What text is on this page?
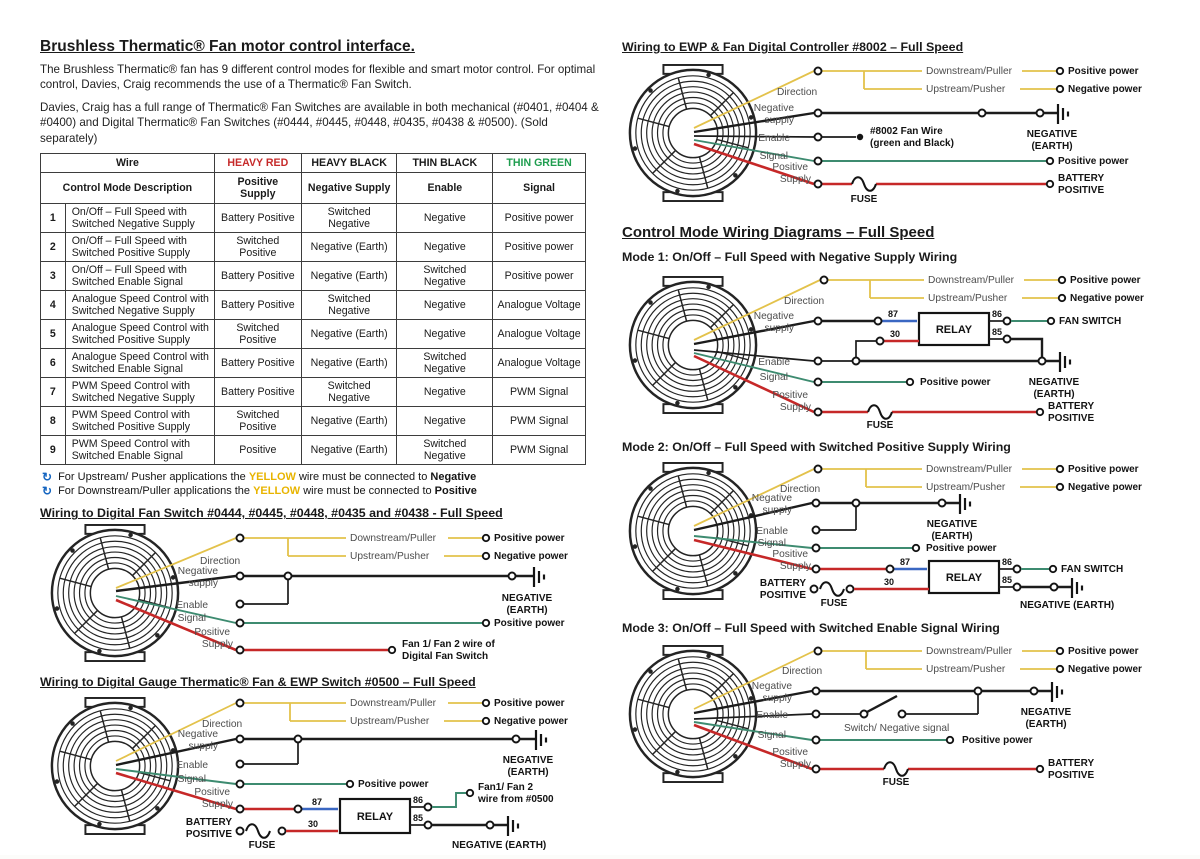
Brushless Thermatic® Fan motor control interface.

The Brushless Thermatic® fan has 9 different control modes for flexible and smart motor control. For optimal control, Davies, Craig recommends the use of a Thermatic® Fan Switch.

Davies, Craig has a full range of Thermatic® Fan Switches are available in both mechanical (#0401, #0404 & #0400) and Digital Thermatic® Fan Switches (#0444, #0445, #0448, #0435, #0438 & #0500). (Sold separately)

Wire		HEAVY RED	HEAVY BLACK	THIN BLACK	THIN GREEN
Control Mode Description		Positive Supply	Negative Supply	Enable	Signal
1	On/Off – Full Speed with Switched Negative Supply	Battery Positive	Switched Negative	Negative	Positive power
2	On/Off – Full Speed with Switched Positive Supply	Switched Positive	Negative (Earth)	Negative	Positive power
3	On/Off – Full Speed with Switched Enable Signal	Battery Positive	Negative (Earth)	Switched Negative	Positive power
4	Analogue Speed Control with Switched Negative Supply	Battery Positive	Switched Negative	Negative	Analogue Voltage
5	Analogue Speed Control with Switched Positive Supply	Switched Positive	Negative (Earth)	Negative	Analogue Voltage
6	Analogue Speed Control with Switched Enable Signal	Battery Positive	Negative (Earth)	Switched Negative	Analogue Voltage
7	PWM Speed Control with Switched Negative Supply	Battery Positive	Switched Negative	Negative	PWM Signal
8	PWM Speed Control with Switched Positive Supply	Switched Positive	Negative (Earth)	Negative	PWM Signal
9	PWM Speed Control with Switched Enable Signal	Positive	Negative (Earth)	Switched Negative	PWM Signal
↻ For Upstream/ Pusher applications the YELLOW wire must be connected to Negative
↻ For Downstream/Puller applications the YELLOW wire must be connected to Positive
Wiring to Digital Fan Switch #0444, #0445, #0448, #0435 and #0438 - Full Speed
Direction
Downstream/Puller
Upstream/Pusher
Positive power
Negative power
Negative
supply
Enable
NEGATIVE
(EARTH)
Signal	Positive power
Positive
Supply	Fan 1/ Fan 2 wire of
Digital Fan Switch
Wiring to Digital Gauge Thermatic® Fan & EWP Switch #0500 – Full Speed
Direction
Downstream/Puller
Upstream/Pusher
Positive power
Negative power
Negative
supply
Enable	NEGATIVE
(EARTH)
Signal	Positive power
Positive
Supply	87
RELAY
86
Fan1/ Fan 2
wire from #0500
85
NEGATIVE (EARTH)
BATTERY
POSITIVE
30
FUSE
Wiring to EWP & Fan Digital Controller #8002 – Full Speed
Direction
Downstream/Puller
Upstream/Pusher
Positive power
Negative power
Negative
supply
NEGATIVE
(EARTH)
Enable
#8002 Fan Wire
(green and Black)
Signal	Positive power
Positive
Supply	BATTERY
POSITIVE
FUSE
Control Mode Wiring Diagrams – Full Speed
Mode 1: On/Off – Full Speed with Negative Supply Wiring
Direction
Downstream/Puller
Upstream/Pusher
Positive power
Negative power
87
Negative
supply	RELAY
86
FAN SWITCH
85
30
Enable
NEGATIVE
(EARTH)
Signal	Positive power
Positive
Supply	BATTERY
POSITIVE
FUSE
Mode 2: On/Off – Full Speed with Switched Positive Supply Wiring
Direction
Downstream/Puller
Upstream/Pusher
Positive power
Negative power
Negative
supply
Enable
NEGATIVE
(EARTH)
Signal	Positive power
87
Positive
Supply
RELAY
86
FAN SWITCH
85
NEGATIVE (EARTH)
BATTERY
POSITIVE
30
FUSE
Mode 3: On/Off – Full Speed with Switched Enable Signal Wiring
Direction
Downstream/Puller
Upstream/Pusher
Positive power
Negative power
Negative
supply
NEGATIVE
(EARTH)
Enable
Switch/ Negative signal
Signal	Positive power
Positive
Supply	BATTERY
POSITIVE
FUSE
